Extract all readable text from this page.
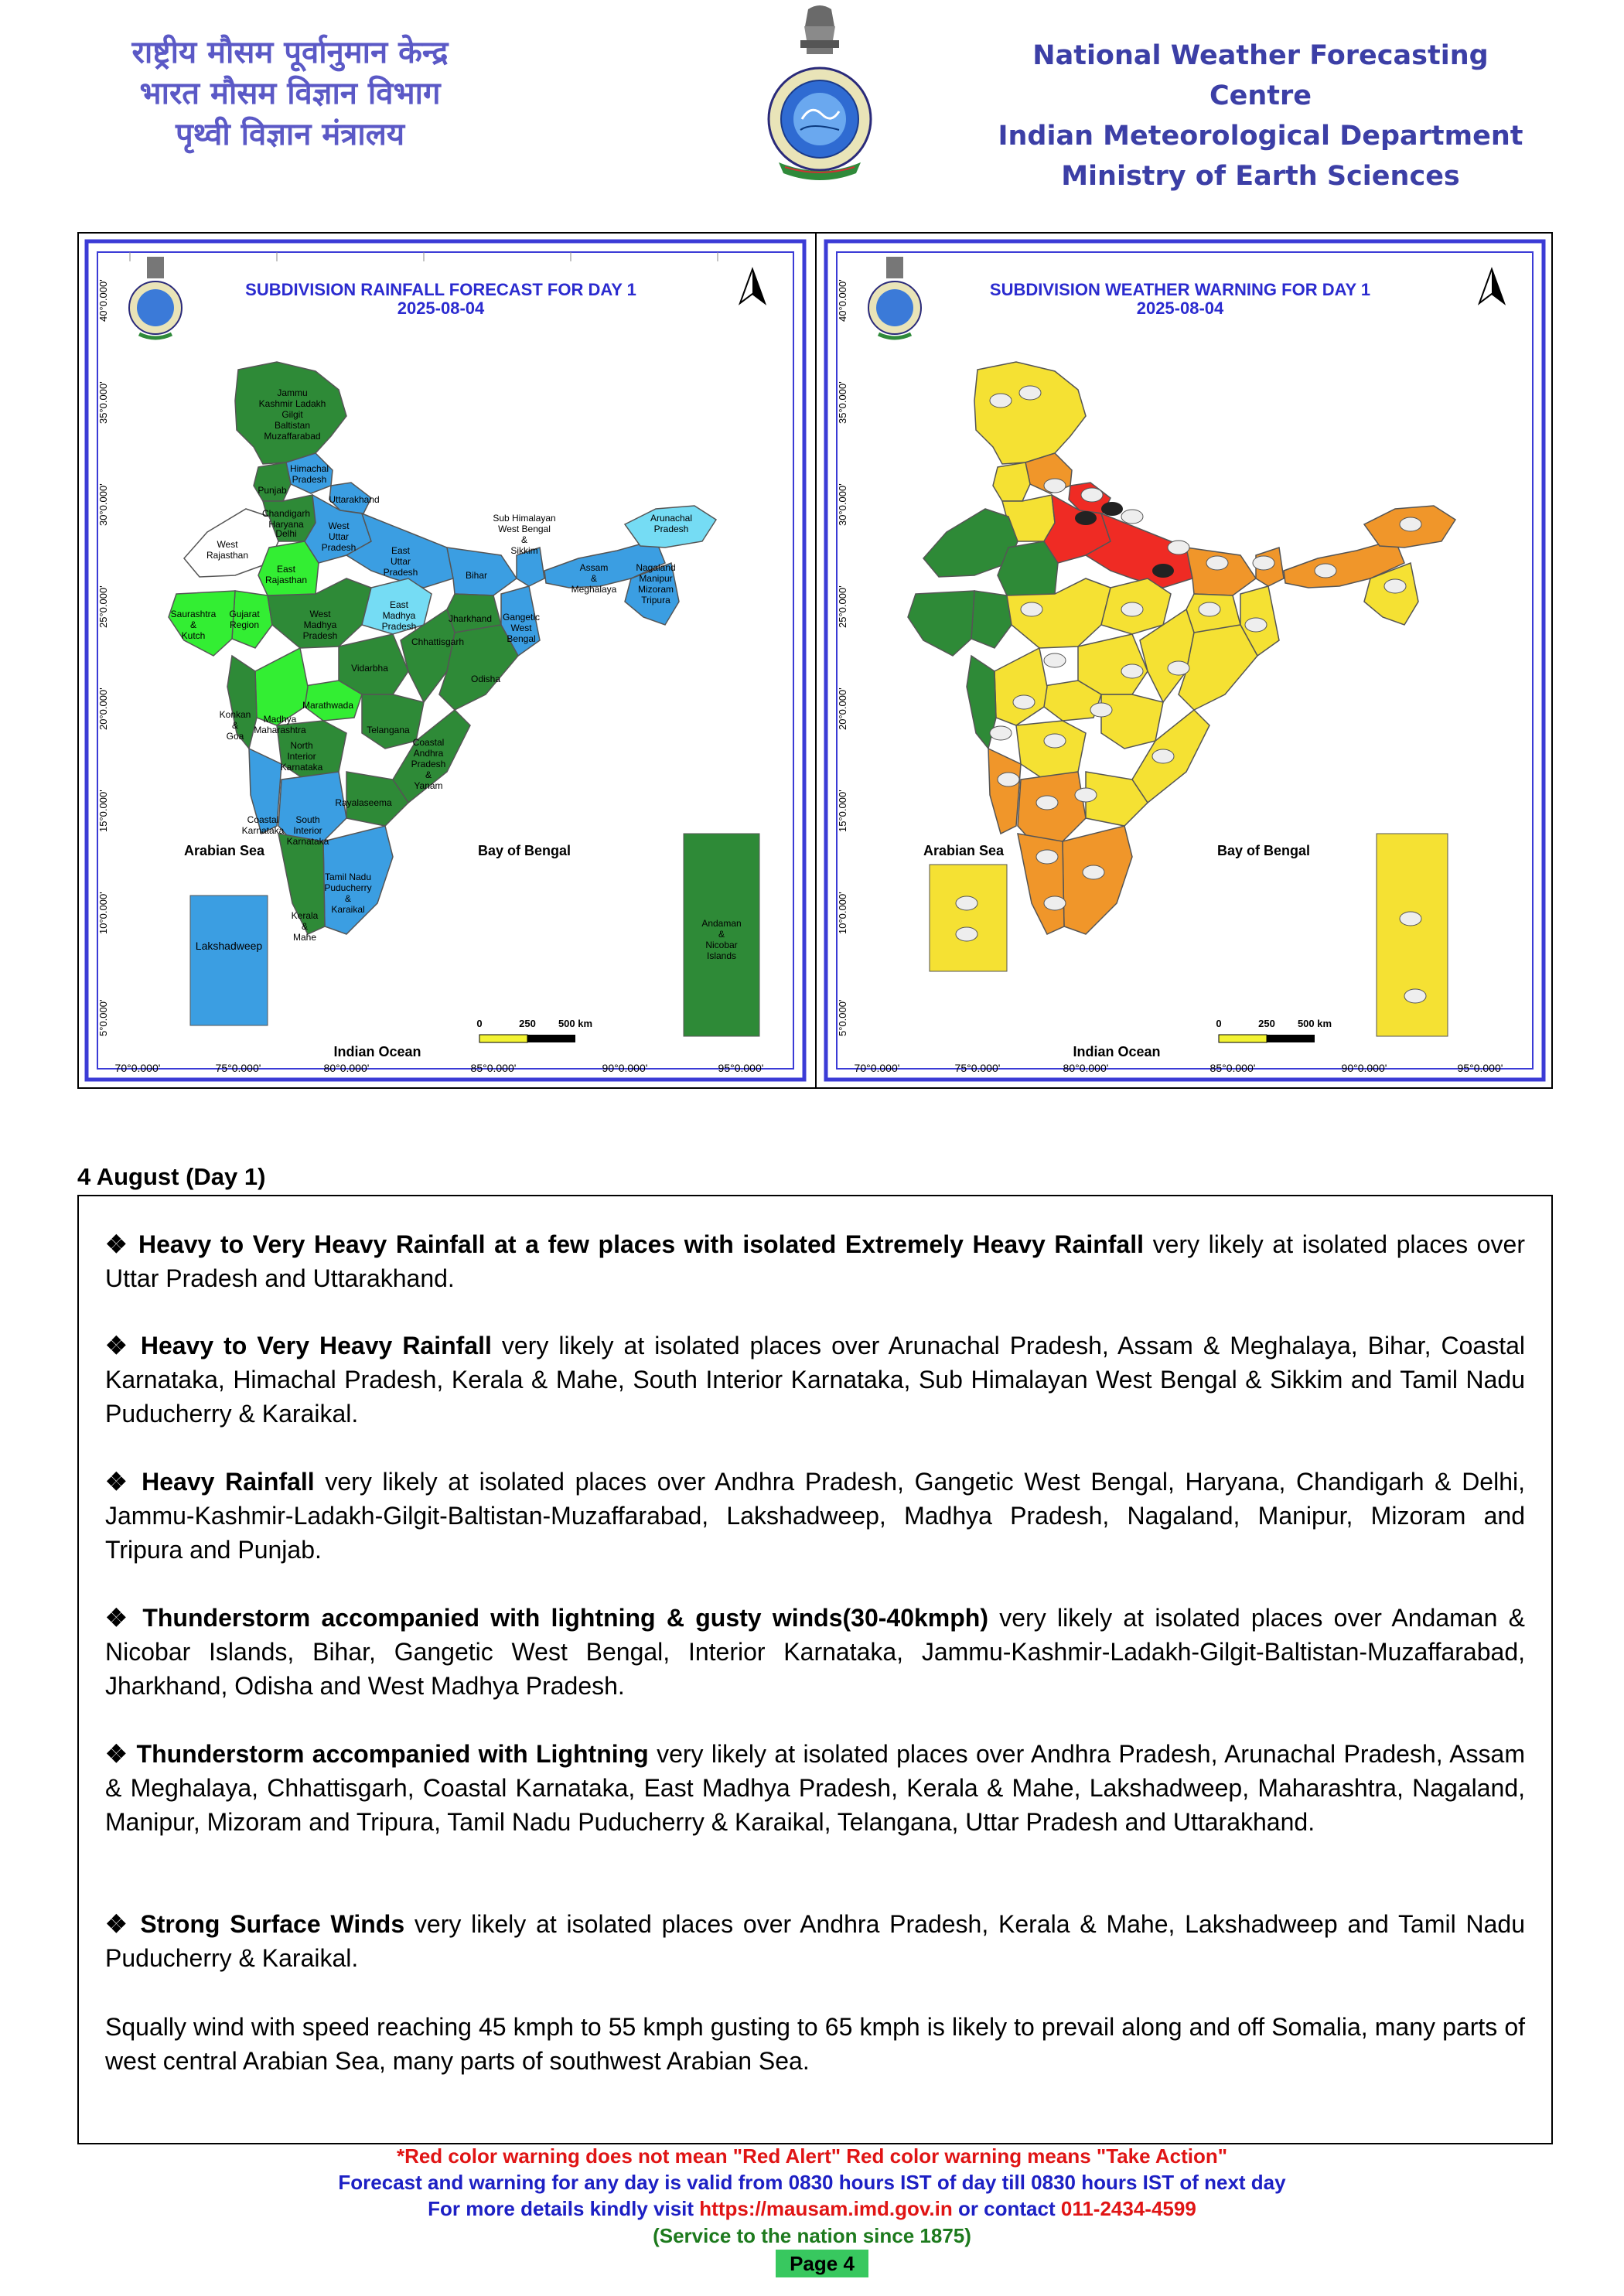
राष्ट्रीय मौसम पूर्वानुमान केन्द्र
भारत मौसम विज्ञान विभाग
पृथ्वी विज्ञान मंत्रालय
National Weather Forecasting Centre
Indian Meteorological Department
Ministry of Earth Sciences
SUBDIVISION RAINFALL FORECAST FOR DAY 1
2025-08-04
40°0.000'
35°0.000'
30°0.000'
25°0.000'
20°0.000'
15°0.000'
10°0.000'
5°0.000'
Lakshadweep
Andaman
&
Nicobar
Islands
Jammu
Kashmir Ladakh
Gilgit
Baltistan
Muzaffarabad
Himachal
Pradesh
Punjab
Uttarakhand
Chandigarh
Haryana
Delhi
West
Uttar
Pradesh	East
Uttar
Pradesh
West
Rajasthan
East
Rajasthan	Bihar
Sub Himalayan
West Bengal
&
Sikkim
Arunachal
Pradesh
Assam
&
Meghalaya
Nagaland
Manipur
Mizoram
Tripura
Jharkhand Gangetic
West
Bengal
Gujarat
Region
Saurashtra
&
Kutch
West
Madhya
Pradesh
East
Madhya
Pradesh
Chhattisgarh
Vidarbha
Odisha
Marathwada
Madhya
Maharashtra
Konkan
&
Goa
Telangana
North
Interior
Karnataka
Coastal
Andhra
Pradesh
&
Yanam
Rayalaseema
Coastal
Karnataka
South
Interior
Karnataka
Tamil Nadu
Puducherry
&
Karaikal
Kerala
&
Mahe
Arabian Sea	Bay of Bengal
0	250 500 km
Indian Ocean
70°0.000'	75°0.000'	80°0.000'	85°0.000'	90°0.000'	95°0.000'
SUBDIVISION WEATHER WARNING FOR DAY 1
2025-08-04
40°0.000'
35°0.000'
30°0.000'
25°0.000'
20°0.000'
15°0.000'
10°0.000'
5°0.000'
Arabian Sea	Bay of Bengal
0	250 500 km
Indian Ocean
70°0.000'	75°0.000'	80°0.000'	85°0.000'	90°0.000'	95°0.000'
4 August (Day 1)
❖ Heavy to Very Heavy Rainfall at a few places with isolated Extremely Heavy Rainfall very likely at isolated places over Uttar Pradesh and Uttarakhand.
❖ Heavy to Very Heavy Rainfall very likely at isolated places over Arunachal Pradesh, Assam & Meghalaya, Bihar, Coastal Karnataka, Himachal Pradesh, Kerala & Mahe, South Interior Karnataka, Sub Himalayan West Bengal & Sikkim and Tamil Nadu Puducherry & Karaikal.
❖ Heavy Rainfall very likely at isolated places over Andhra Pradesh, Gangetic West Bengal, Haryana, Chandigarh & Delhi, Jammu-Kashmir-Ladakh-Gilgit-Baltistan-Muzaffarabad, Lakshadweep, Madhya Pradesh, Nagaland, Manipur, Mizoram and Tripura and Punjab.
❖ Thunderstorm accompanied with lightning & gusty winds(30-40kmph) very likely at isolated places over Andaman & Nicobar Islands, Bihar, Gangetic West Bengal, Interior Karnataka, Jammu-Kashmir-Ladakh-Gilgit-Baltistan-Muzaffarabad, Jharkhand, Odisha and West Madhya Pradesh.
❖ Thunderstorm accompanied with Lightning very likely at isolated places over Andhra Pradesh, Arunachal Pradesh, Assam & Meghalaya, Chhattisgarh, Coastal Karnataka, East Madhya Pradesh, Kerala & Mahe, Lakshadweep, Maharashtra, Nagaland, Manipur, Mizoram and Tripura, Tamil Nadu Puducherry & Karaikal, Telangana, Uttar Pradesh and Uttarakhand.
❖ Strong Surface Winds very likely at isolated places over Andhra Pradesh, Kerala & Mahe, Lakshadweep and Tamil Nadu Puducherry & Karaikal.
Squally wind with speed reaching 45 kmph to 55 kmph gusting to 65 kmph is likely to prevail along and off Somalia, many parts of west central Arabian Sea, many parts of southwest Arabian Sea.
*Red color warning does not mean "Red Alert" Red color warning means "Take Action"
Forecast and warning for any day is valid from 0830 hours IST of day till 0830 hours IST of next day
For more details kindly visit https://mausam.imd.gov.in or contact 011-2434-4599
(Service to the nation since 1875)
Page 4
